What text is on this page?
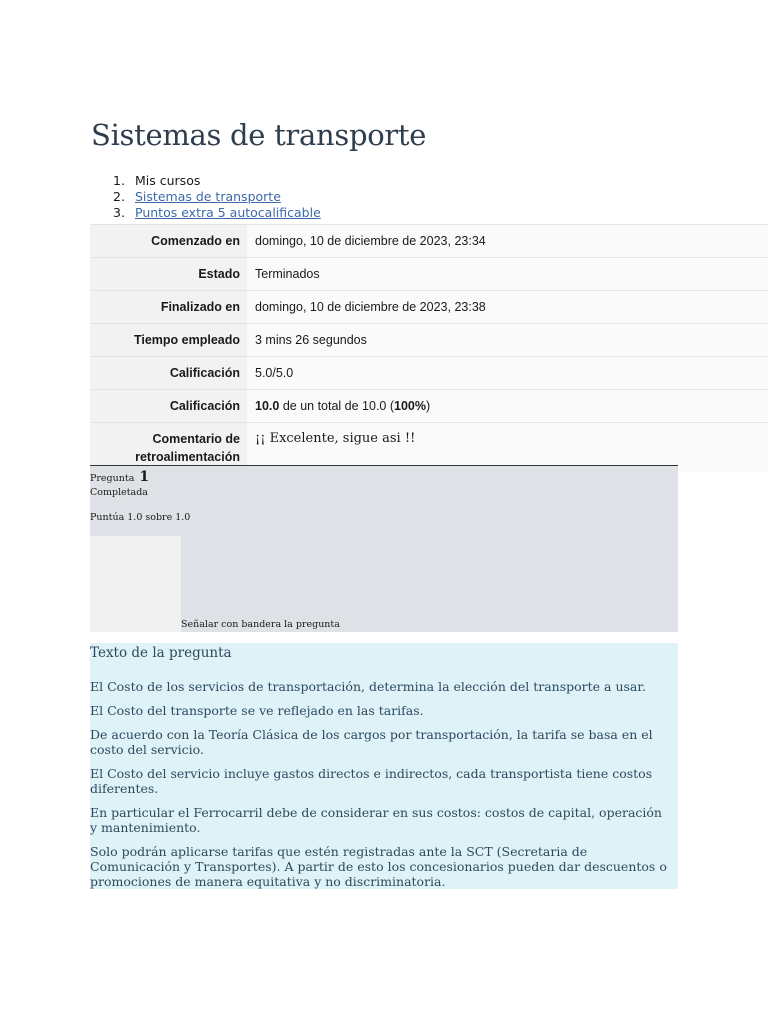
Sistemas de transporte
1. Mis cursos
2. Sistemas de transporte
3. Puntos extra 5 autocalificable
Comenzado en	domingo, 10 de diciembre de 2023, 23:34
Estado	Terminados
Finalizado en	domingo, 10 de diciembre de 2023, 23:38
Tiempo empleado	3 mins 26 segundos
Calificación	5.0/5.0
Calificación	10.0 de un total de 10.0 (100%)
Comentario de
retroalimentación	¡¡ Excelente, sigue asi !!
Pregunta 1
Completada
Puntúa 1.0 sobre 1.0
Señalar con bandera la pregunta
Texto de la pregunta

El Costo de los servicios de transportación, determina la elección del transporte a usar.

El Costo del transporte se ve reflejado en las tarifas.

De acuerdo con la Teoría Clásica de los cargos por transportación, la tarifa se basa en el costo del servicio.

El Costo del servicio incluye gastos directos e indirectos, cada transportista tiene costos diferentes.

En particular el Ferrocarril debe de considerar en sus costos: costos de capital, operación y mantenimiento.

Solo podrán aplicarse tarifas que estén registradas ante la SCT (Secretaria de Comunicación y Transportes). A partir de esto los concesionarios pueden dar descuentos o promociones de manera equitativa y no discriminatoria.
